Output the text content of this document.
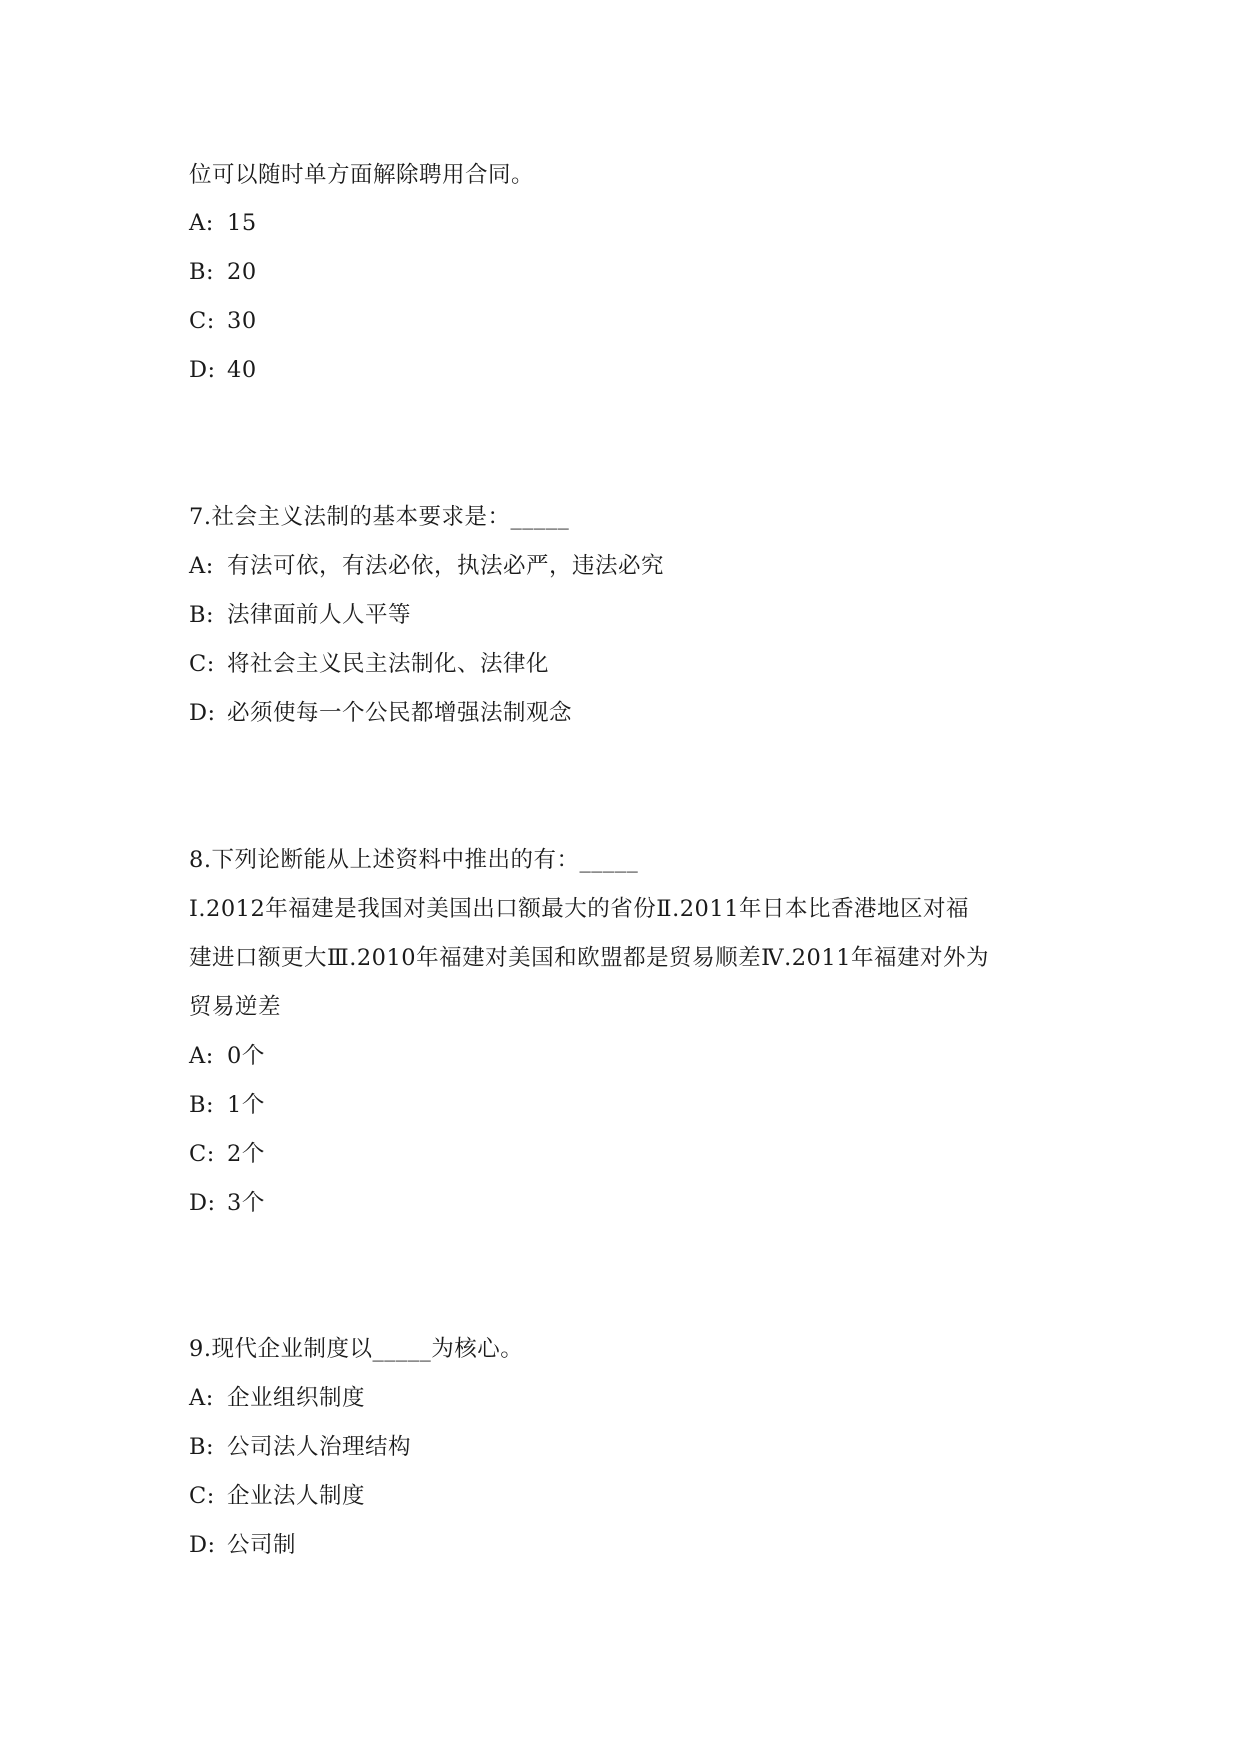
位可以随时单方面解除聘用合同。
A: 15
B: 20
C: 30
D: 40
7.社会主义法制的基本要求是：_____
A: 有法可依，有法必依，执法必严，违法必究
B: 法律面前人人平等
C: 将社会主义民主法制化、法律化
D: 必须使每一个公民都增强法制观念
8.下列论断能从上述资料中推出的有：_____
Ⅰ.2012年福建是我国对美国出口额最大的省份Ⅱ.2011年日本比香港地区对福
建进口额更大Ⅲ.2010年福建对美国和欧盟都是贸易顺差Ⅳ.2011年福建对外为
贸易逆差
A: 0个
B: 1个
C: 2个
D: 3个
9.现代企业制度以_____为核心。
A: 企业组织制度
B: 公司法人治理结构
C: 企业法人制度
D: 公司制
